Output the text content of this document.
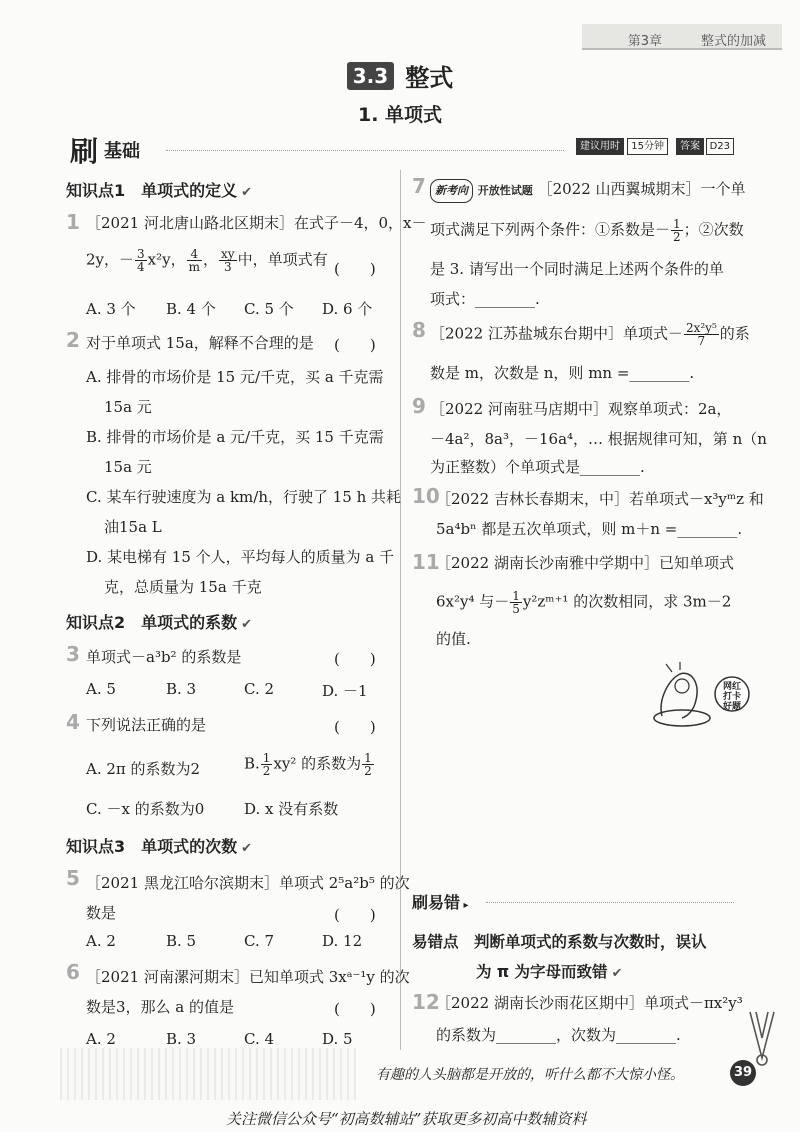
第3章	整式的加减
3.3 整式
1. 单项式
刷 基础	建议用时	15分钟	答案 D23
知识点1　单项式的定义 ✔
1 ［2021 河北唐山路北区期末］在式子－4，0，x－
2y，－ $\frac{3}{4} x^2y$， $\frac{4}{m}$ ， $\frac{xy}{3}$ 中，单项式有
(　　)
A. 3 个 B. 4 个 C. 5 个 D. 6 个
2 对于单项式 15a，解释不合理的是 (　　)
A. 排骨的市场价是 15 元/千克，买 a 千克需
15a 元
B. 排骨的市场价是 a 元/千克，买 15 千克需
15a 元
C. 某车行驶速度为 a km/h，行驶了 15 h 共耗
油15a L
D. 某电梯有 15 个人，平均每人的质量为 a 千
克，总质量为 15a 千克
知识点2　单项式的系数 ✔
3 单项式－a³b² 的系数是	(　　)
A. 5	B. 3	C. 2	D. －1
4 下列说法正确的是	(　　)
A. 2π 的系数为2	B. $\frac{1}{2} xy^2$ 的系数为 $\frac{1}{2}$
C. －x 的系数为0	D. x 没有系数
知识点3　单项式的次数 ✔
5 ［2021 黑龙江哈尔滨期末］单项式 2⁵a²b⁵ 的次
数是	(　　)
A. 2	B. 5	C. 7	D. 12
6 ［2021 河南漯河期末］已知单项式 3xᵃ⁻¹y 的次
数是3，那么 a 的值是	(　　)
A. 2	B. 3	C. 4	D. 5
7 新考向 开放性试题 ［2022 山西翼城期末］一个单
项式满足下列两个条件：①系数是－ $\frac{1}{2}$ ；②次数
是 3. 请写出一个同时满足上述两个条件的单
项式：________.
8 ［2022 江苏盐城东台期中］单项式－ $\frac{\text{2x²y⁵}}{7}$ 的系
数是 m，次数是 n，则 mn =________.
9 ［2022 河南驻马店期中］观察单项式：2a，
－4a²，8a³，－16a⁴，… 根据规律可知，第 n（n
为正整数）个单项式是________.
10
［2022 吉林长春期末，中］若单项式－x³yᵐz 和
5a⁴bⁿ 都是五次单项式，则 m＋n =________.
11
［2022 湖南长沙南雅中学期中］已知单项式
6x²y⁴ 与－ $\frac{1}{5}$ y²zᵐ⁺¹ 的次数相同，求 3m－2
的值.
网红打卡好题
刷易错 ▸
易错点　判断单项式的系数与次数时，误认
为 π 为字母而致错 ✔
12
［2022 湖南长沙雨花区期中］单项式－πx²y³
的系数为________，次数为________.
有趣的人头脑都是开放的，听什么都不大惊小怪。	39
关注微信公众号“初高数辅站”获取更多初高中数辅资料
